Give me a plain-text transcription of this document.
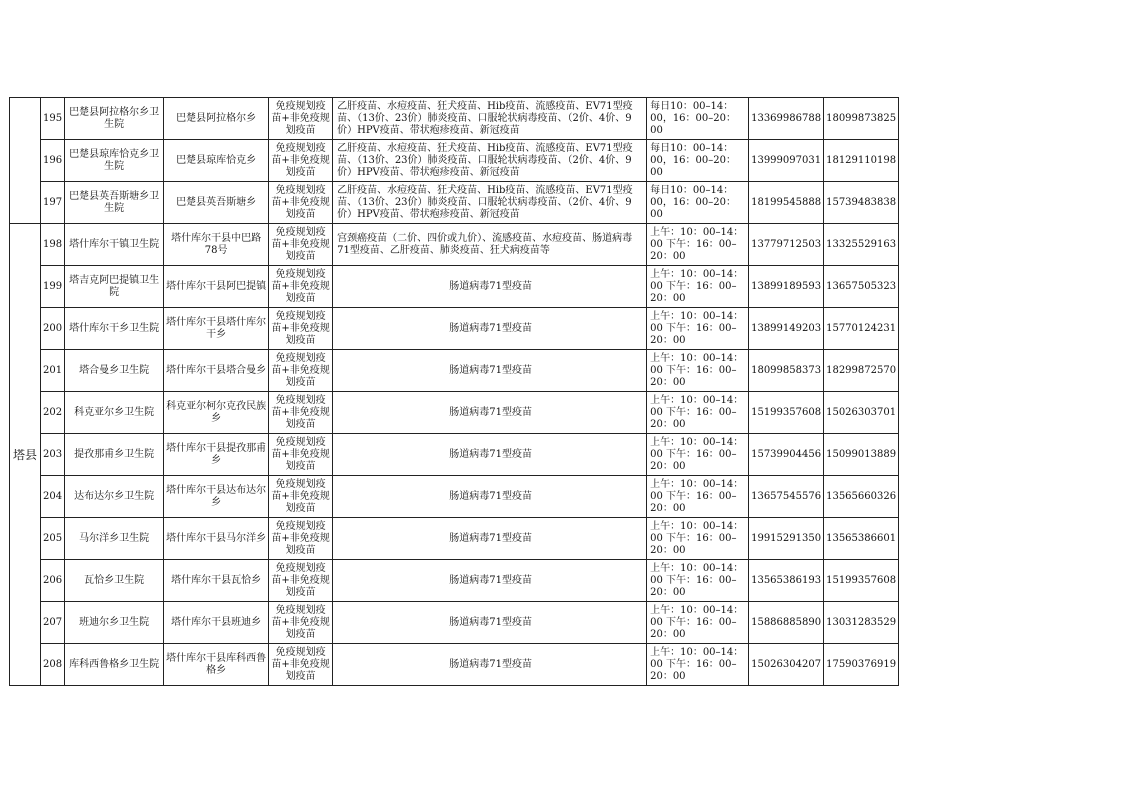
	195	巴楚县阿拉格尔乡卫生院	巴楚县阿拉格尔乡	免疫规划疫苗+非免疫规划疫苗	乙肝疫苗、水痘疫苗、狂犬疫苗、Hib疫苗、流感疫苗、EV71型疫苗、（13价、23价）肺炎疫苗、口服轮状病毒疫苗、（2价、4价、9价）HPV疫苗、带状疱疹疫苗、新冠疫苗	每日10：00–14：00，16：00–20：00	13369986788	18099873825
	196	巴楚县琼库恰克乡卫生院	巴楚县琼库恰克乡	免疫规划疫苗+非免疫规划疫苗	乙肝疫苗、水痘疫苗、狂犬疫苗、Hib疫苗、流感疫苗、EV71型疫苗、（13价、23价）肺炎疫苗、口服轮状病毒疫苗、（2价、4价、9价）HPV疫苗、带状疱疹疫苗、新冠疫苗	每日10：00–14：00，16：00–20：00	13999097031	18129110198
	197	巴楚县英吾斯塘乡卫生院	巴楚县英吾斯塘乡	免疫规划疫苗+非免疫规划疫苗	乙肝疫苗、水痘疫苗、狂犬疫苗、Hib疫苗、流感疫苗、EV71型疫苗、（13价、23价）肺炎疫苗、口服轮状病毒疫苗、（2价、4价、9价）HPV疫苗、带状疱疹疫苗、新冠疫苗	每日10：00–14：00，16：00–20：00	18199545888	15739483838
塔县	198	塔什库尔干镇卫生院	塔什库尔干县中巴路78号	免疫规划疫苗+非免疫规划疫苗	宫颈癌疫苗（二价、四价或九价）、流感疫苗、水痘疫苗、肠道病毒71型疫苗、乙肝疫苗、肺炎疫苗、狂犬病疫苗等	上午：10：00–14：00 下午：16：00–20：00	13779712503	13325529163
	199	塔吉克阿巴提镇卫生院	塔什库尔干县阿巴提镇	免疫规划疫苗+非免疫规划疫苗	肠道病毒71型疫苗	上午：10：00–14：00 下午：16：00–20：00	13899189593	13657505323
	200	塔什库尔干乡卫生院	塔什库尔干县塔什库尔干乡	免疫规划疫苗+非免疫规划疫苗	肠道病毒71型疫苗	上午：10：00–14：00 下午：16：00–20：00	13899149203	15770124231
	201	塔合曼乡卫生院	塔什库尔干县塔合曼乡	免疫规划疫苗+非免疫规划疫苗	肠道病毒71型疫苗	上午：10：00–14：00 下午：16：00–20：00	18099858373	18299872570
	202	科克亚尔乡卫生院	科克亚尔柯尔克孜民族乡	免疫规划疫苗+非免疫规划疫苗	肠道病毒71型疫苗	上午：10：00–14：00 下午：16：00–20：00	15199357608	15026303701
	203	提孜那甫乡卫生院	塔什库尔干县提孜那甫乡	免疫规划疫苗+非免疫规划疫苗	肠道病毒71型疫苗	上午：10：00–14：00 下午：16：00–20：00	15739904456	15099013889
	204	达布达尔乡卫生院	塔什库尔干县达布达尔乡	免疫规划疫苗+非免疫规划疫苗	肠道病毒71型疫苗	上午：10：00–14：00 下午：16：00–20：00	13657545576	13565660326
	205	马尔洋乡卫生院	塔什库尔干县马尔洋乡	免疫规划疫苗+非免疫规划疫苗	肠道病毒71型疫苗	上午：10：00–14：00 下午：16：00–20：00	19915291350	13565386601
	206	瓦恰乡卫生院	塔什库尔干县瓦恰乡	免疫规划疫苗+非免疫规划疫苗	肠道病毒71型疫苗	上午：10：00–14：00 下午：16：00–20：00	13565386193	15199357608
	207	班迪尔乡卫生院	塔什库尔干县班迪乡	免疫规划疫苗+非免疫规划疫苗	肠道病毒71型疫苗	上午：10：00–14：00 下午：16：00–20：00	15886885890	13031283529
	208	库科西鲁格乡卫生院	塔什库尔干县库科西鲁格乡	免疫规划疫苗+非免疫规划疫苗	肠道病毒71型疫苗	上午：10：00–14：00 下午：16：00–20：00	15026304207	17590376919
